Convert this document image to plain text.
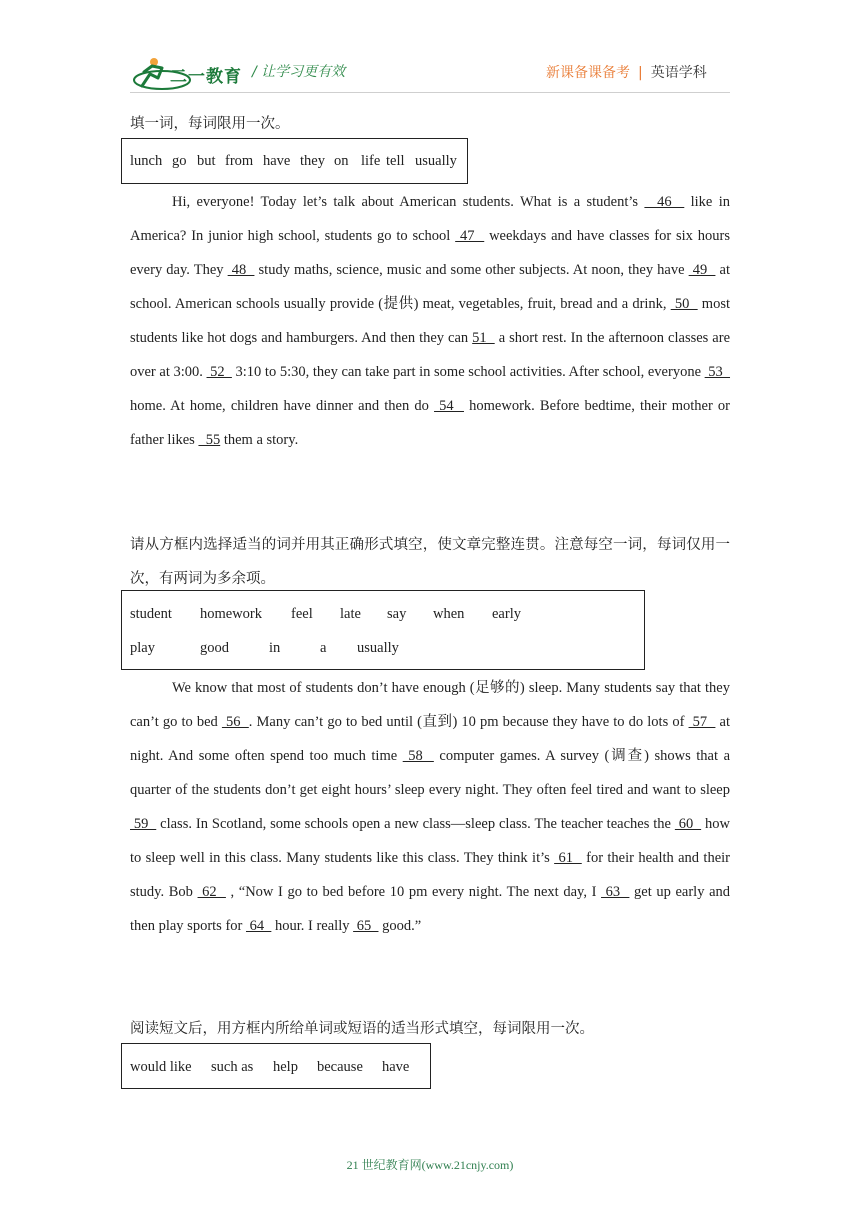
二一教育 / 让学习更有效	新课备课备考 | 英语学科
填一词，每词限用一次。
lunch go but from have they on life tell usually

Hi, everyone! Today let’s talk about American students. What is a student’s   46   like in America? In junior high school, students go to school  47   weekdays and have classes for six hours every day. They  48   study maths, science, music and some other subjects. At noon, they have  49   at school. American schools usually provide (提供) meat, vegetables, fruit, bread and a drink,  50   most students like hot dogs and hamburgers. And then they can 51   a short rest. In the afternoon classes are over at 3:00.  52   3:10 to 5:30, they can take part in some school activities. After school, everyone  53   home. At home, children have dinner and then do  54   homework. Before bedtime, their mother or father likes   55 them a story.

请从方框内选择适当的词并用其正确形式填空，使文章完整连贯。注意每空一词，每词仅用一次，有两词为多余项。
student homework feel late say when early
play	good	in	a usually

We know that most of students don’t have enough (足够的) sleep. Many students say that they can’t go to bed  56  . Many can’t go to bed until (直到) 10 pm because they have to do lots of  57   at night. And some often spend too much time  58   computer games. A survey (调查) shows that a quarter of the students don’t get eight hours’ sleep every night. They often feel tired and want to sleep  59   class. In Scotland, some schools open a new class—sleep class. The teacher teaches the  60   how to sleep well in this class. Many students like this class. They think it’s  61   for their health and their study. Bob  62   , “Now I go to bed before 10 pm every night. The next day, I  63   get up early and then play sports for  64   hour. I really  65   good.”

阅读短文后，用方框内所给单词或短语的适当形式填空，每词限用一次。
would like such as help because have
21 世纪教育网(www.21cnjy.com)
